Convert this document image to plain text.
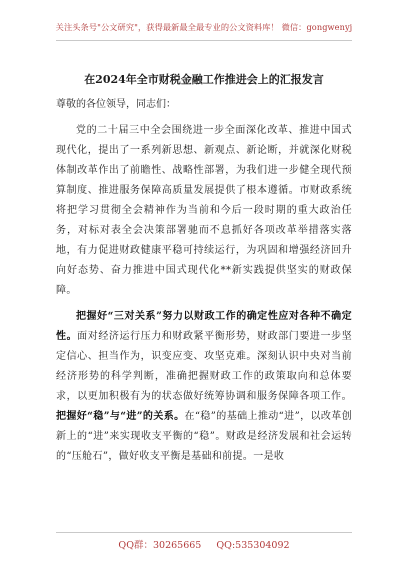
关注头条号"公文研究"，获得最新最全最专业的公文资料库！ 微信：gongwenyj
在2024年全市财税金融工作推进会上的汇报发言
尊敬的各位领导，同志们：

党的二十届三中全会围绕进一步全面深化改革、推进中国式现代化，提出了一系列新思想、新观点、新论断，并就深化财税体制改革作出了前瞻性、战略性部署，为我们进一步健全现代预算制度、推进服务保障高质量发展提供了根本遵循。市财政系统将把学习贯彻全会精神作为当前和今后一段时期的重大政治任务，对标对表全会决策部署驰而不息抓好各项改革举措落实落地，有力促进财政健康平稳可持续运行，为巩固和增强经济回升向好态势、奋力推进中国式现代化**新实践提供坚实的财政保障。

把握好“三对关系”努力以财政工作的确定性应对各种不确定性。面对经济运行压力和财政紧平衡形势，财政部门要进一步坚定信心、担当作为，识变应变、攻坚克难。深刻认识中央对当前经济形势的科学判断，准确把握财政工作的政策取向和总体要求，以更加积极有为的状态做好统筹协调和服务保障各项工作。把握好“稳”与“进”的关系。在“稳”的基础上推动“进”，以改革创新上的“进”来实现收支平衡的“稳”。财政是经济发展和社会运转的“压舱石”，做好收支平衡是基础和前提。一是收

QQ群：30265665 QQ:535304092
